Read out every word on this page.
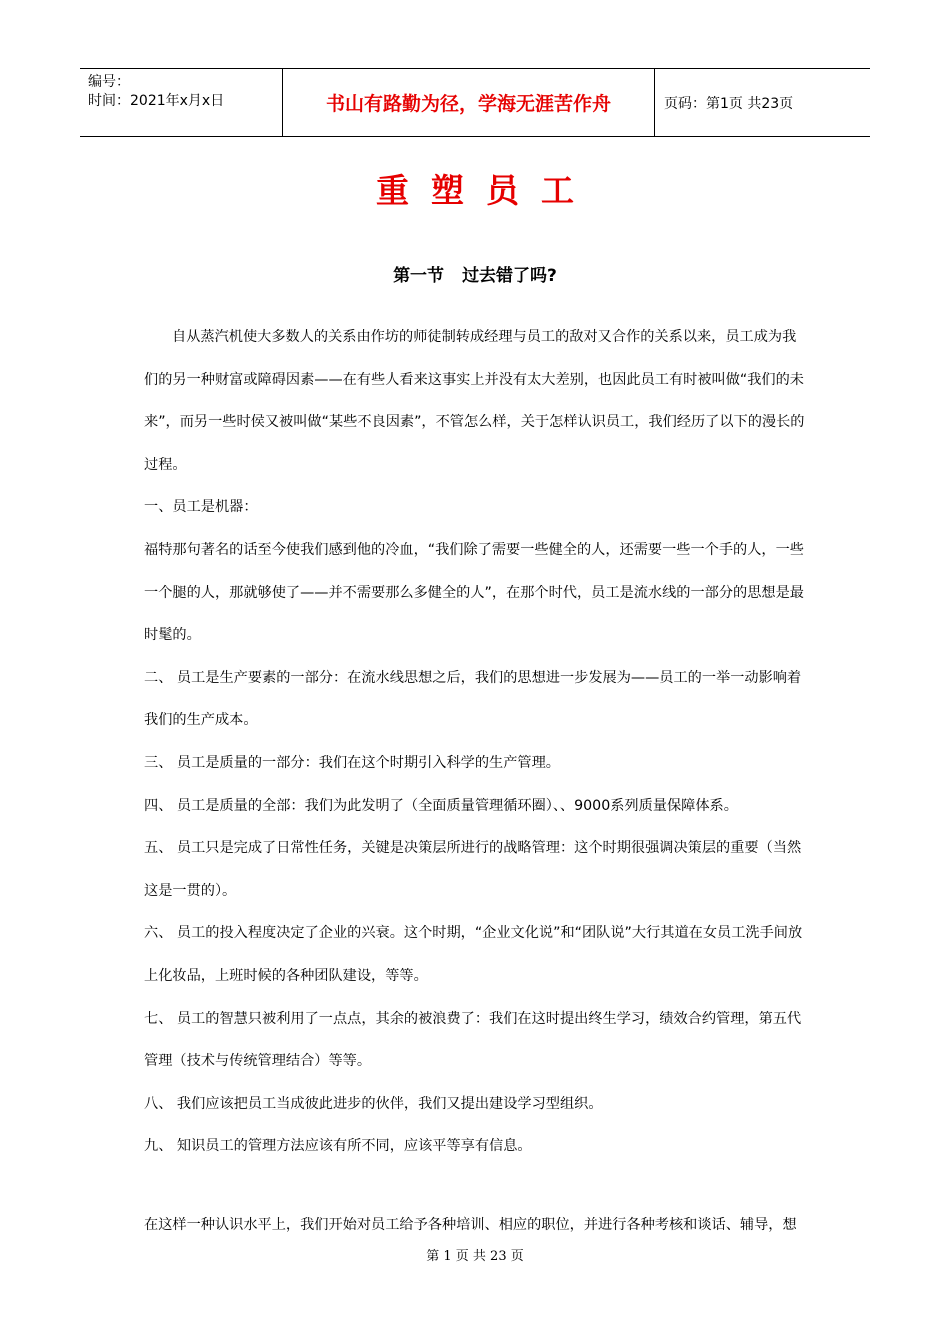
编号：
时间：2021年x月x日	书山有路勤为径，学海无涯苦作舟	页码：第1页 共23页
重塑员工
第一节 过去错了吗?

自从蒸汽机使大多数人的关系由作坊的师徒制转成经理与员工的敌对又合作的关系以来，员工成为我们的另一种财富或障碍因素——在有些人看来这事实上并没有太大差别，也因此员工有时被叫做“我们的未来”，而另一些时侯又被叫做“某些不良因素”，不管怎么样，关于怎样认识员工，我们经历了以下的漫长的过程。

一、员工是机器：

福特那句著名的话至今使我们感到他的冷血，“我们除了需要一些健全的人，还需要一些一个手的人，一些一个腿的人，那就够使了——并不需要那么多健全的人”，在那个时代，员工是流水线的一部分的思想是最时髦的。

二、 员工是生产要素的一部分：在流水线思想之后，我们的思想进一步发展为——员工的一举一动影响着我们的生产成本。

三、 员工是质量的一部分：我们在这个时期引入科学的生产管理。

四、 员工是质量的全部：我们为此发明了（全面质量管理循环圈）、、9000系列质量保障体系。

五、 员工只是完成了日常性任务，关键是决策层所进行的战略管理：这个时期很强调决策层的重要（当然这是一贯的）。

六、 员工的投入程度决定了企业的兴衰。这个时期，“企业文化说”和“团队说”大行其道在女员工洗手间放上化妆品，上班时候的各种团队建设，等等。

七、 员工的智慧只被利用了一点点，其余的被浪费了：我们在这时提出终生学习，绩效合约管理，第五代管理（技术与传统管理结合）等等。

八、 我们应该把员工当成彼此进步的伙伴，我们又提出建设学习型组织。

九、 知识员工的管理方法应该有所不同，应该平等享有信息。

在这样一种认识水平上，我们开始对员工给予各种培训、相应的职位，并进行各种考核和谈话、辅导，想

第 1 页 共 23 页
